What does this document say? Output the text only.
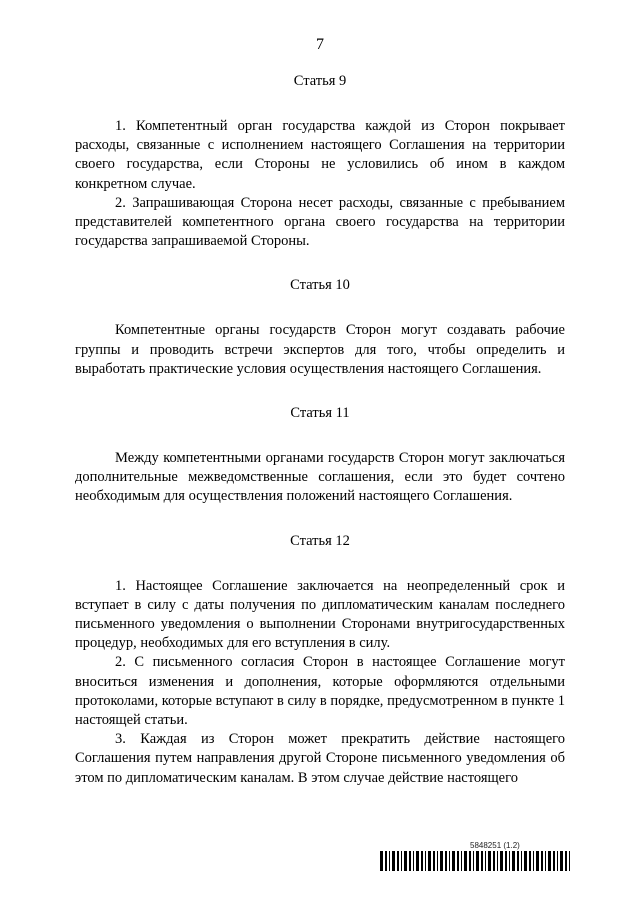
7
Статья 9

1. Компетентный орган государства каждой из Сторон покрывает расходы, связанные с исполнением настоящего Соглашения на территории своего государства, если Стороны не условились об ином в каждом конкретном случае.

2. Запрашивающая Сторона несет расходы, связанные с пребыванием представителей компетентного органа своего государства на территории государства запрашиваемой Стороны.

Статья 10

Компетентные органы государств Сторон могут создавать рабочие группы и проводить встречи экспертов для того, чтобы определить и выработать практические условия осуществления настоящего Соглашения.

Статья 11

Между компетентными органами государств Сторон могут заключаться дополнительные межведомственные соглашения, если это будет сочтено необходимым для осуществления положений настоящего Соглашения.

Статья 12

1. Настоящее Соглашение заключается на неопределенный срок и вступает в силу с даты получения по дипломатическим каналам последнего письменного уведомления о выполнении Сторонами внутригосударственных процедур, необходимых для его вступления в силу.

2. С письменного согласия Сторон в настоящее Соглашение могут вноситься изменения и дополнения, которые оформляются отдельными протоколами, которые вступают в силу в порядке, предусмотренном в пункте 1 настоящей статьи.

3. Каждая из Сторон может прекратить действие настоящего Соглашения путем направления другой Стороне письменного уведомления об этом по дипломатическим каналам. В этом случае действие настоящего

5848251 (1.2)
